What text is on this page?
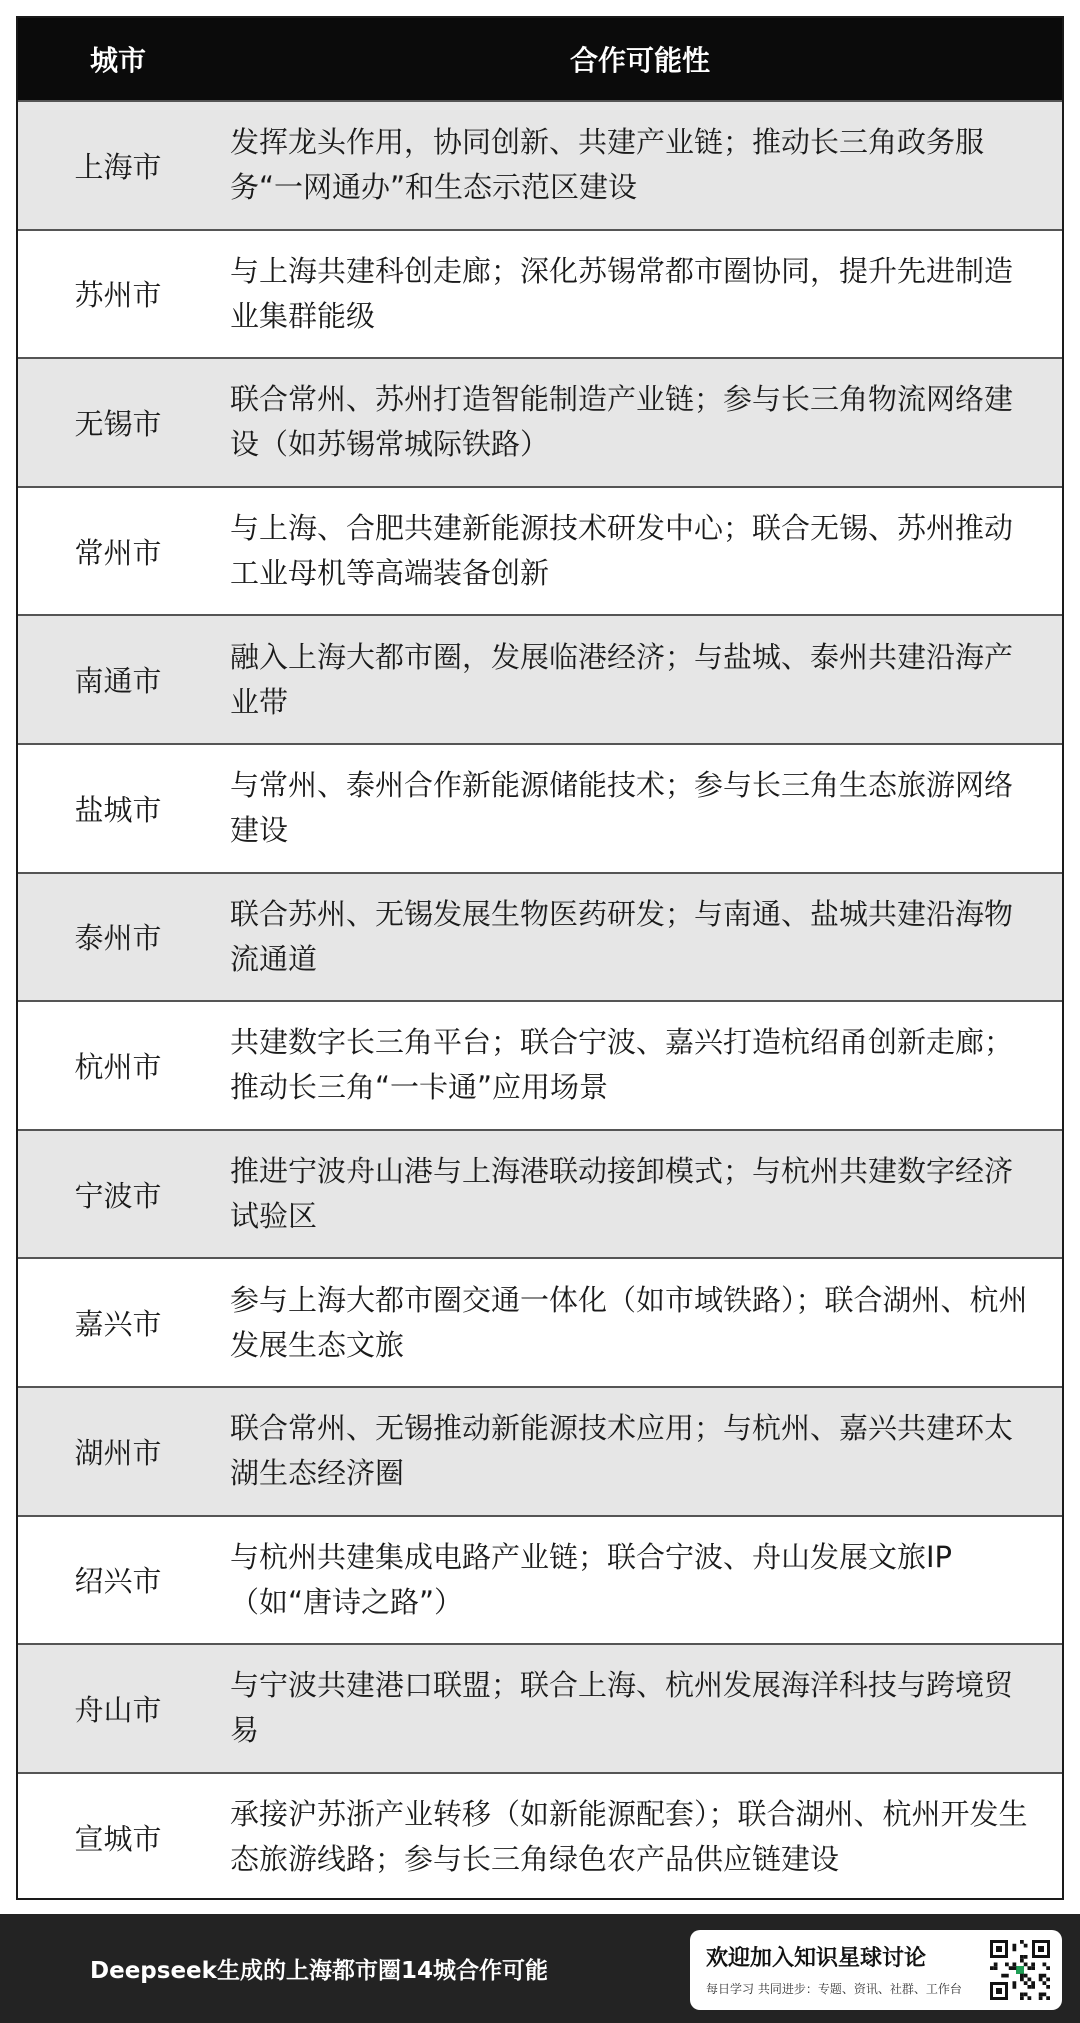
城市	合作可能性
上海市
发挥龙头作用，协同创新、共建产业链；推动长三角政务服务“一网通办”和生态示范区建设
苏州市
与上海共建科创走廊；深化苏锡常都市圈协同，提升先进制造业集群能级
无锡市
联合常州、苏州打造智能制造产业链；参与长三角物流网络建设（如苏锡常城际铁路）
常州市
与上海、合肥共建新能源技术研发中心；联合无锡、苏州推动工业母机等高端装备创新
南通市
融入上海大都市圈，发展临港经济；与盐城、泰州共建沿海产业带
盐城市
与常州、泰州合作新能源储能技术；参与长三角生态旅游网络建设
泰州市
联合苏州、无锡发展生物医药研发；与南通、盐城共建沿海物流通道
杭州市
共建数字长三角平台；联合宁波、嘉兴打造杭绍甬创新走廊；推动长三角“一卡通”应用场景
宁波市
推进宁波舟山港与上海港联动接卸模式；与杭州共建数字经济试验区
嘉兴市
参与上海大都市圈交通一体化（如市域铁路）；联合湖州、杭州发展生态文旅
湖州市
联合常州、无锡推动新能源技术应用；与杭州、嘉兴共建环太湖生态经济圈
绍兴市
与杭州共建集成电路产业链；联合宁波、舟山发展文旅IP（如“唐诗之路”）
舟山市
与宁波共建港口联盟；联合上海、杭州发展海洋科技与跨境贸易
宣城市
承接沪苏浙产业转移（如新能源配套）；联合湖州、杭州开发生态旅游线路；参与长三角绿色农产品供应链建设
Deepseek生成的上海都市圈14城合作可能	欢迎加入知识星球讨论
每日学习 共同进步：专题、资讯、社群、工作台
